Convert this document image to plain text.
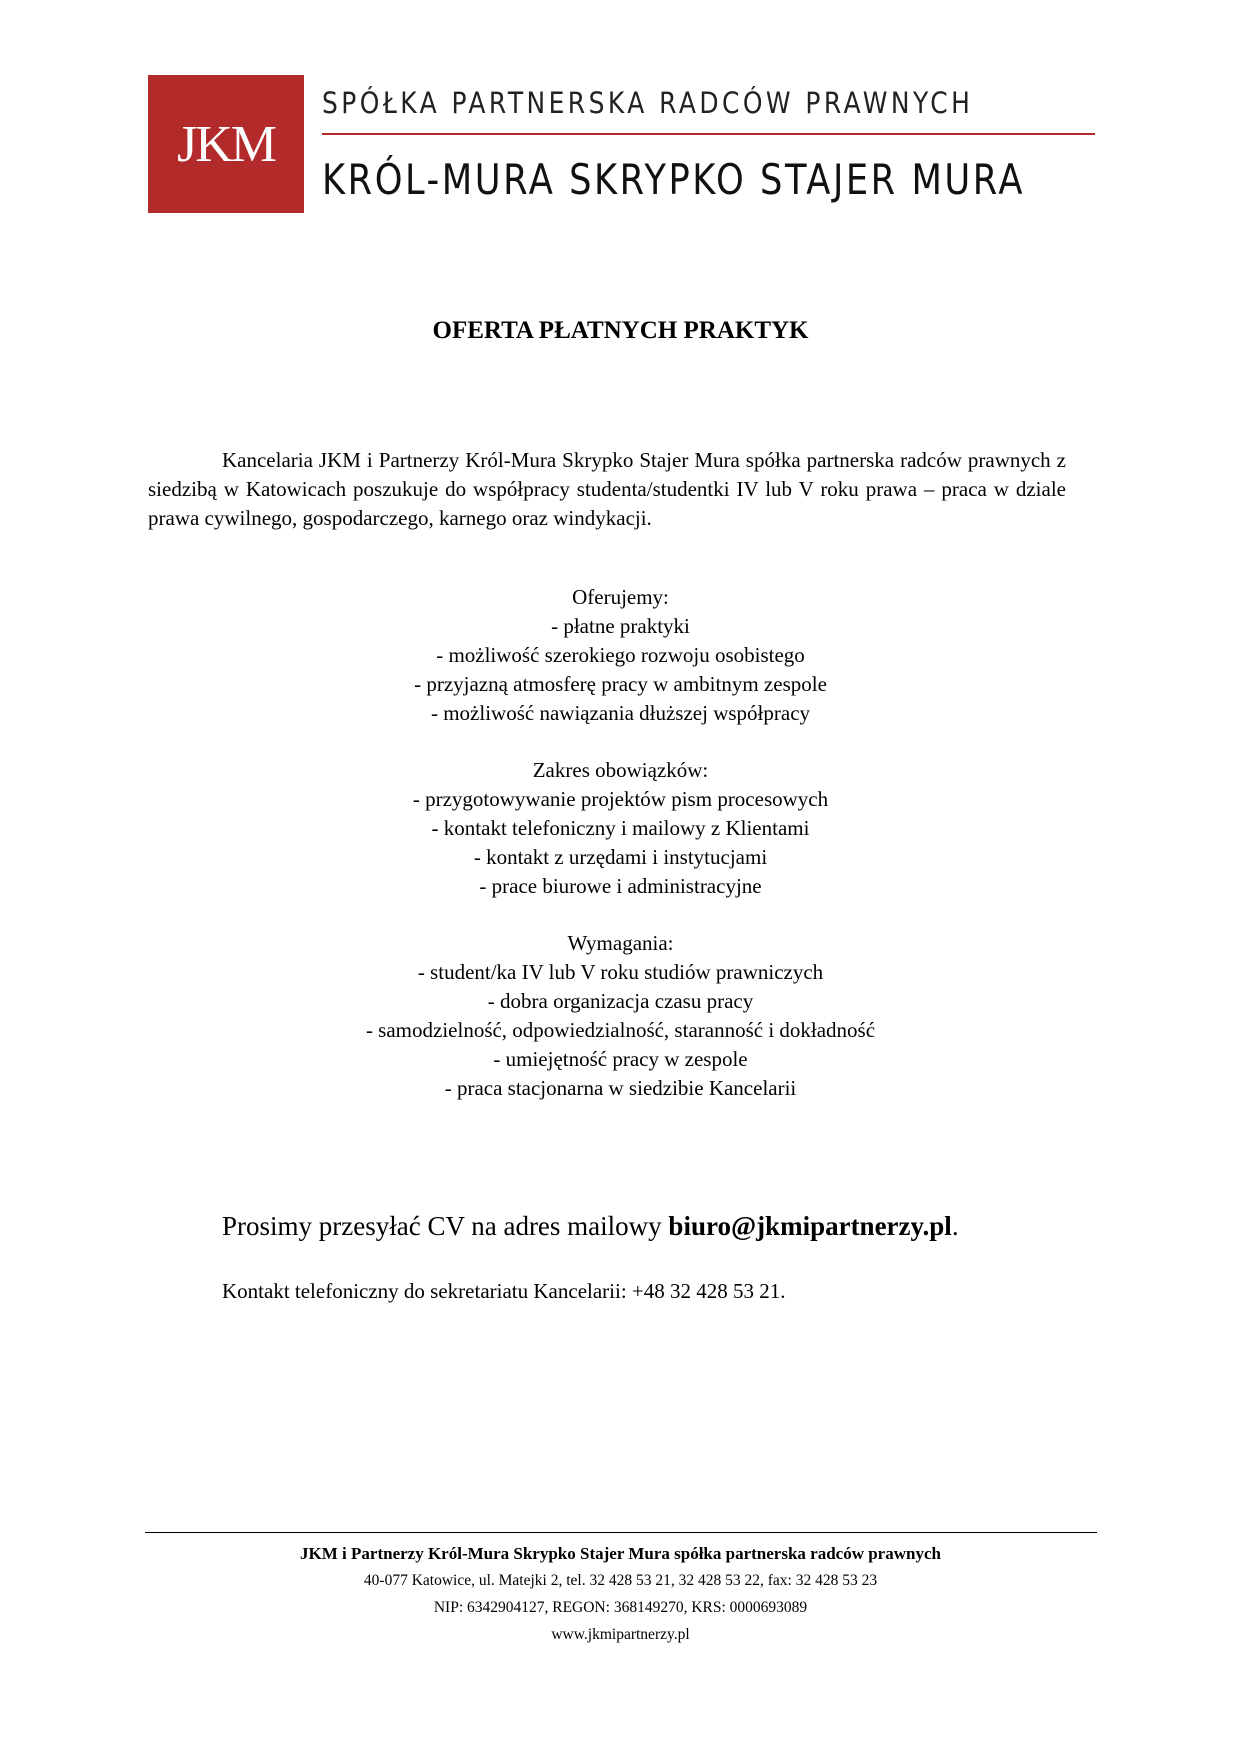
JKM
SPÓŁKA PARTNERSKA RADCÓW PRAWNYCH
KRÓL-MURA SKRYPKO STAJER MURA
OFERTA PŁATNYCH PRAKTYK
Kancelaria JKM i Partnerzy Król-Mura Skrypko Stajer Mura spółka partnerska radców prawnych z siedzibą w Katowicach poszukuje do współpracy studenta/studentki IV lub V roku prawa – praca w dziale prawa cywilnego, gospodarczego, karnego oraz windykacji.
Oferujemy:
- płatne praktyki
- możliwość szerokiego rozwoju osobistego
- przyjazną atmosferę pracy w ambitnym zespole
- możliwość nawiązania dłuższej współpracy
Zakres obowiązków:
- przygotowywanie projektów pism procesowych
- kontakt telefoniczny i mailowy z Klientami
- kontakt z urzędami i instytucjami
- prace biurowe i administracyjne
Wymagania:
- student/ka IV lub V roku studiów prawniczych
- dobra organizacja czasu pracy
- samodzielność, odpowiedzialność, staranność i dokładność
- umiejętność pracy w zespole
- praca stacjonarna w siedzibie Kancelarii
Prosimy przesyłać CV na adres mailowy biuro@jkmipartnerzy.pl.
Kontakt telefoniczny do sekretariatu Kancelarii: +48 32 428 53 21.
JKM i Partnerzy Król-Mura Skrypko Stajer Mura spółka partnerska radców prawnych
40-077 Katowice, ul. Matejki 2, tel. 32 428 53 21, 32 428 53 22, fax: 32 428 53 23
NIP: 6342904127, REGON: 368149270, KRS: 0000693089
www.jkmipartnerzy.pl
